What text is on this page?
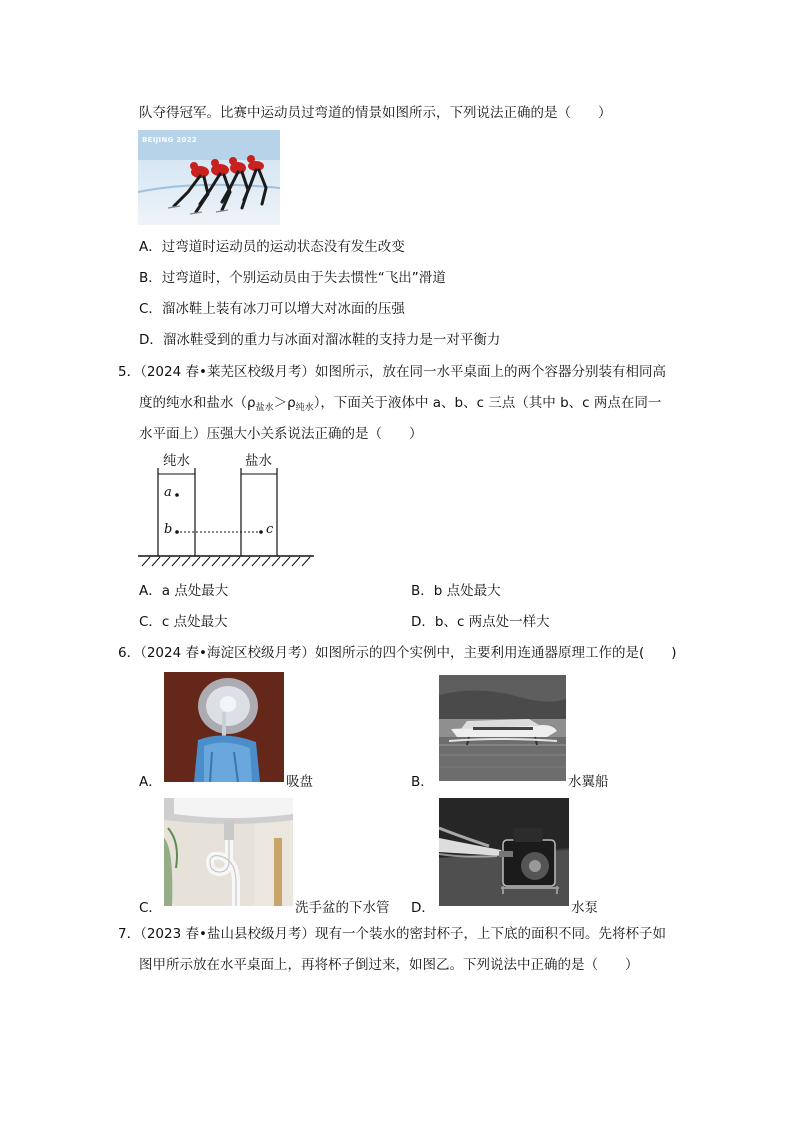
队夺得冠军。比赛中运动员过弯道的情景如图所示，下列说法正确的是（　　）
BEIJING 2022
A．过弯道时运动员的运动状态没有发生改变
B．过弯道时，个别运动员由于失去惯性“飞出”滑道
C．溜冰鞋上装有冰刀可以增大对冰面的压强
D．溜冰鞋受到的重力与冰面对溜冰鞋的支持力是一对平衡力
5．（2024 春•莱芜区校级月考）如图所示，放在同一水平桌面上的两个容器分别装有相同高
度的纯水和盐水$(\rho_{盐水}>\rho_{纯水})$，下面关于液体中 a、b、c 三点（其中 b、c 两点在同一
水平面上）压强大小关系说法正确的是（　　）
纯水	盐水
a
b	c
A．a 点处最大	B．b 点处最大
C．c 点处最大	D．b、c 两点处一样大
6．（2024 春•海淀区校级月考）如图所示的四个实例中，主要利用连通器原理工作的是(　　)
A．	吸盘	B．	水翼船
C．	洗手盆的下水管 D．	水泵
7．（2023 春•盐山县校级月考）现有一个装水的密封杯子，上下底的面积不同。先将杯子如
图甲所示放在水平桌面上，再将杯子倒过来，如图乙。下列说法中正确的是（　　）
